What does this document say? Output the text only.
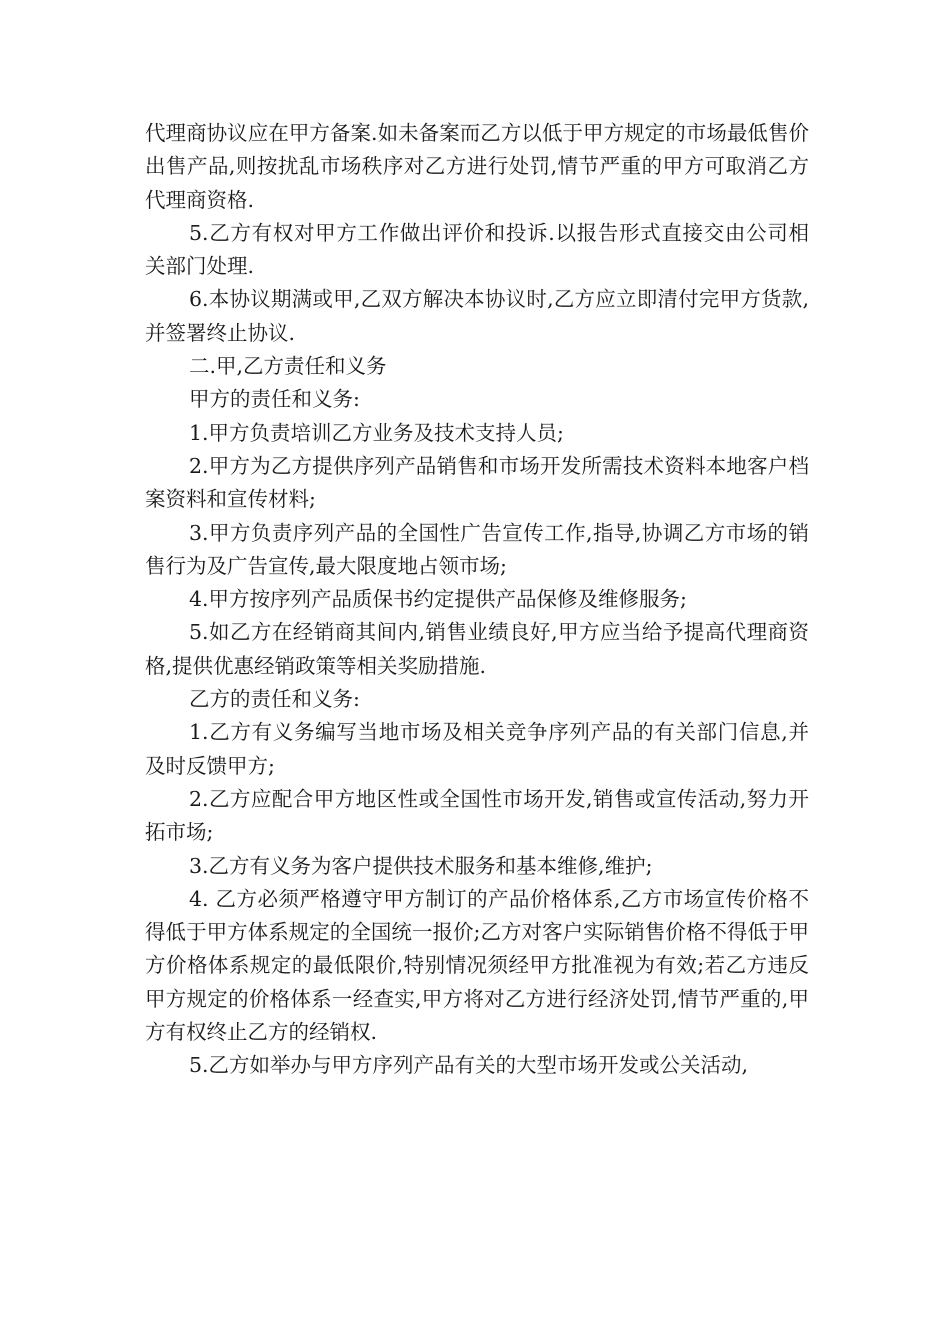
代理商协议应在甲方备案.如未备案而乙方以低于甲方规定的市场最低售价出售产品,则按扰乱市场秩序对乙方进行处罚,情节严重的甲方可取消乙方代理商资格.

5.乙方有权对甲方工作做出评价和投诉.以报告形式直接交由公司相关部门处理.

6.本协议期满或甲,乙双方解决本协议时,乙方应立即清付完甲方货款,并签署终止协议.

二.甲,乙方责任和义务

甲方的责任和义务:

1.甲方负责培训乙方业务及技术支持人员;

2.甲方为乙方提供序列产品销售和市场开发所需技术资料本地客户档案资料和宣传材料;

3.甲方负责序列产品的全国性广告宣传工作,指导,协调乙方市场的销售行为及广告宣传,最大限度地占领市场;

4.甲方按序列产品质保书约定提供产品保修及维修服务;

5.如乙方在经销商其间内,销售业绩良好,甲方应当给予提高代理商资格,提供优惠经销政策等相关奖励措施.

乙方的责任和义务:

1.乙方有义务编写当地市场及相关竞争序列产品的有关部门信息,并及时反馈甲方;

2.乙方应配合甲方地区性或全国性市场开发,销售或宣传活动,努力开拓市场;

3.乙方有义务为客户提供技术服务和基本维修,维护;

4. 乙方必须严格遵守甲方制订的产品价格体系,乙方市场宣传价格不得低于甲方体系规定的全国统一报价;乙方对客户实际销售价格不得低于甲方价格体系规定的最低限价,特别情况须经甲方批准视为有效;若乙方违反甲方规定的价格体系一经查实,甲方将对乙方进行经济处罚,情节严重的,甲方有权终止乙方的经销权.

5.乙方如举办与甲方序列产品有关的大型市场开发或公关活动,
